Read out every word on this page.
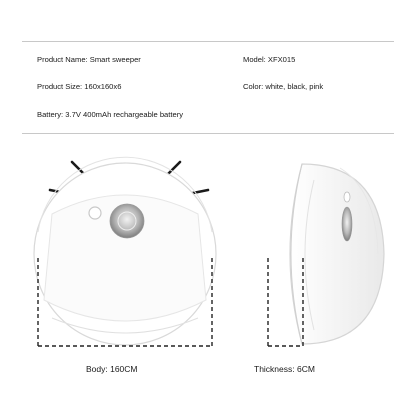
Product Name: Smart sweeper	Model: XFX015
Product Size: 160x160x6	Color: white, black, pink
Battery: 3.7V 400mAh rechargeable battery
Body: 160CM	Thickness: 6CM
